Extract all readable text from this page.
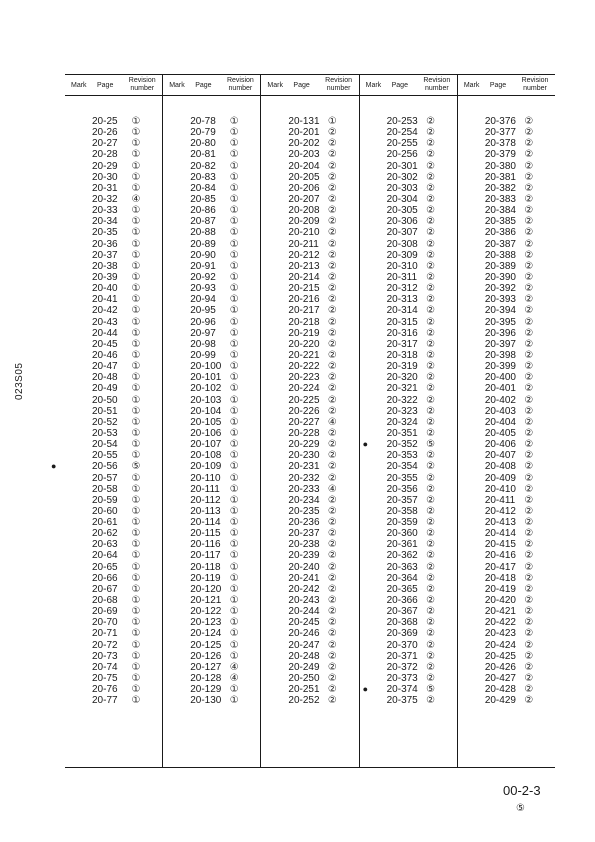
023S05
Mark Page
Revision
number
20-25 ①
20-26 ①
20-27 ①
20-28 ①
20-29 ①
20-30 ①
20-31 ①
20-32 ④
20-33 ①
20-34 ①
20-35 ①
20-36 ①
20-37 ①
20-38 ①
20-39 ①
20-40 ①
20-41 ①
20-42 ①
20-43 ①
20-44 ①
20-45 ①
20-46 ①
20-47 ①
20-48 ①
20-49 ①
20-50 ①
20-51 ①
20-52 ①
20-53 ①
20-54 ①
20-55 ①
●	20-56 ⑤
20-57 ①
20-58 ①
20-59 ①
20-60 ①
20-61 ①
20-62 ①
20-63 ①
20-64 ①
20-65 ①
20-66 ①
20-67 ①
20-68 ①
20-69 ①
20-70 ①
20-71 ①
20-72 ①
20-73 ①
20-74 ①
20-75 ①
20-76 ①
20-77 ①
Mark Page
Revision
number
20-78 ①
20-79 ①
20-80 ①
20-81 ①
20-82 ①
20-83 ①
20-84 ①
20-85 ①
20-86 ①
20-87 ①
20-88 ①
20-89 ①
20-90 ①
20-91 ①
20-92 ①
20-93 ①
20-94 ①
20-95 ①
20-96 ①
20-97 ①
20-98 ①
20-99 ①
20-100 ①
20-101 ①
20-102 ①
20-103 ①
20-104 ①
20-105 ①
20-106 ①
20-107 ①
20-108 ①
20-109 ①
20-110 ①
20-111 ①
20-112 ①
20-113 ①
20-114 ①
20-115 ①
20-116 ①
20-117 ①
20-118 ①
20-119 ①
20-120 ①
20-121 ①
20-122 ①
20-123 ①
20-124 ①
20-125 ①
20-126 ①
20-127 ④
20-128 ④
20-129 ①
20-130 ①
Mark Page
Revision
number
20-131 ①
20-201 ②
20-202 ②
20-203 ②
20-204 ②
20-205 ②
20-206 ②
20-207 ②
20-208 ②
20-209 ②
20-210 ②
20-211 ②
20-212 ②
20-213 ②
20-214 ②
20-215 ②
20-216 ②
20-217 ②
20-218 ②
20-219 ②
20-220 ②
20-221 ②
20-222 ②
20-223 ②
20-224 ②
20-225 ②
20-226 ②
20-227 ④
20-228 ②
20-229 ②
20-230 ②
20-231 ②
20-232 ②
20-233 ④
20-234 ②
20-235 ②
20-236 ②
20-237 ②
20-238 ②
20-239 ②
20-240 ②
20-241 ②
20-242 ②
20-243 ②
20-244 ②
20-245 ②
20-246 ②
20-247 ②
20-248 ②
20-249 ②
20-250 ②
20-251 ②
20-252 ②
Mark Page
Revision
number
20-253 ②
20-254 ②
20-255 ②
20-256 ②
20-301 ②
20-302 ②
20-303 ②
20-304 ②
20-305 ②
20-306 ②
20-307 ②
20-308 ②
20-309 ②
20-310 ②
20-311 ②
20-312 ②
20-313 ②
20-314 ②
20-315 ②
20-316 ②
20-317 ②
20-318 ②
20-319 ②
20-320 ②
20-321 ②
20-322 ②
20-323 ②
20-324 ②
20-351 ②
● 20-352 ⑤
20-353 ②
20-354 ②
20-355 ②
20-356 ②
20-357 ②
20-358 ②
20-359 ②
20-360 ②
20-361 ②
20-362 ②
20-363 ②
20-364 ②
20-365 ②
20-366 ②
20-367 ②
20-368 ②
20-369 ②
20-370 ②
20-371 ②
20-372 ②
20-373 ②
● 20-374 ⑤
20-375 ②
Mark Page
Revision
number
20-376 ②
20-377 ②
20-378 ②
20-379 ②
20-380 ②
20-381 ②
20-382 ②
20-383 ②
20-384 ②
20-385 ②
20-386 ②
20-387 ②
20-388 ②
20-389 ②
20-390 ②
20-392 ②
20-393 ②
20-394 ②
20-395 ②
20-396 ②
20-397 ②
20-398 ②
20-399 ②
20-400 ②
20-401 ②
20-402 ②
20-403 ②
20-404 ②
20-405 ②
20-406 ②
20-407 ②
20-408 ②
20-409 ②
20-410 ②
20-411 ②
20-412 ②
20-413 ②
20-414 ②
20-415 ②
20-416 ②
20-417 ②
20-418 ②
20-419 ②
20-420 ②
20-421 ②
20-422 ②
20-423 ②
20-424 ②
20-425 ②
20-426 ②
20-427 ②
20-428 ②
20-429 ②
00-2-3
⑤
